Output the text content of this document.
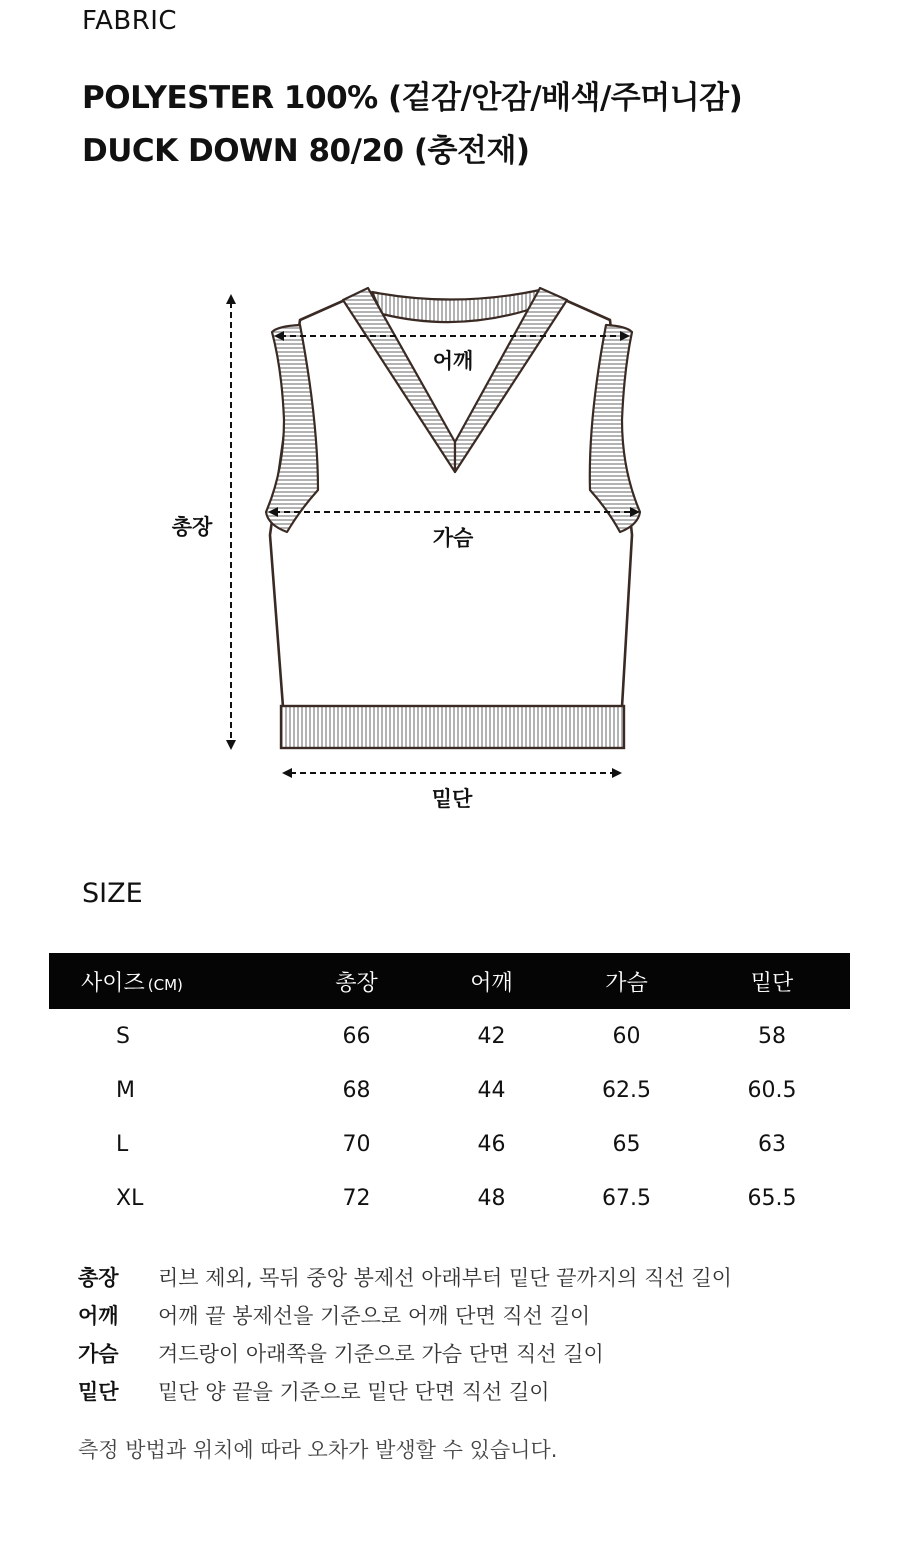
FABRIC
POLYESTER 100% (겉감/안감/배색/주머니감)
DUCK DOWN 80/20 (충전재)
어깨
가슴
총장
밑단
SIZE
사이즈 (CM)	총장	어깨	가슴	밑단
S	66	42	60	58
M	68	44	62.5	60.5
L	70	46	65	63
XL	72	48	67.5	65.5
총장	리브 제외, 목뒤 중앙 봉제선 아래부터 밑단 끝까지의 직선 길이
어깨	어깨 끝 봉제선을 기준으로 어깨 단면 직선 길이
가슴	겨드랑이 아래쪽을 기준으로 가슴 단면 직선 길이
밑단	밑단 양 끝을 기준으로 밑단 단면 직선 길이
측정 방법과 위치에 따라 오차가 발생할 수 있습니다.
